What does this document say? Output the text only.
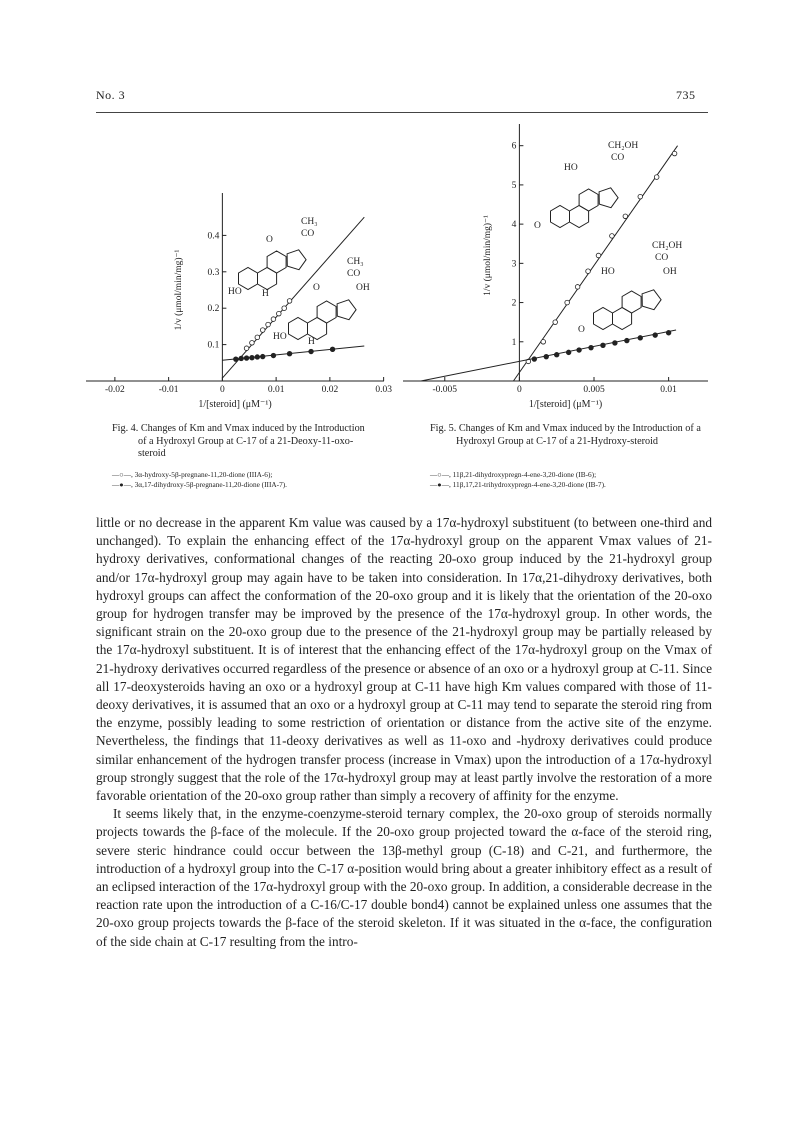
No. 3	735
-0.02	-0.01	0	0.01	0.02	0.03
0.1
0.2
0.3
0.4
1/[steroid] (μM⁻¹)
1/v (μmol/min/mg)⁻¹
CH₃
CO
O
HO H
CH₃
CO
O	OH
HO H
-0.005	0	0.005	0.01
1
2
3
4
5
6
1/[steroid] (μM⁻¹)
1/v (μmol/min/mg)⁻¹
CH₂OH
CO
HO
O
CH₂OH
CO
HO	OH
O
Fig. 4. Changes of Km and Vmax induced by the Introduction of a Hydroxyl Group at C-17 of a 21-Deoxy-11-oxo-steroid
—○—, 3α-hydroxy-5β-pregnane-11,20-dione (IIIA-6);
—●—, 3α,17-dihydroxy-5β-pregnane-11,20-dione (IIIA-7).
Fig. 5. Changes of Km and Vmax induced by the Introduction of a Hydroxyl Group at C-17 of a 21-Hydroxy-steroid
—○—, 11β,21-dihydroxypregn-4-ene-3,20-dione (IB-6);
—●—, 11β,17,21-trihydroxypregn-4-ene-3,20-dione (IB-7).

little or no decrease in the apparent Km value was caused by a 17α-hydroxyl substituent (to between one-third and unchanged). To explain the enhancing effect of the 17α-hydroxyl group on the apparent Vmax values of 21-hydroxy derivatives, conformational changes of the reacting 20-oxo group induced by the 21-hydroxyl group and/or 17α-hydroxyl group may again have to be taken into consideration. In 17α,21-dihydroxy derivatives, both hydroxyl groups can affect the conformation of the 20-oxo group and it is likely that the orientation of the 20-oxo group for hydrogen transfer may be improved by the presence of the 17α-hydroxyl group. In other words, the significant strain on the 20-oxo group due to the presence of the 21-hydroxyl group may be partially released by the 17α-hydroxyl substituent. It is of interest that the enhancing effect of the 17α-hydroxyl group on the Vmax of 21-hydroxy derivatives occurred regardless of the presence or absence of an oxo or a hydroxyl group at C-11. Since all 17-deoxysteroids having an oxo or a hydroxyl group at C-11 have high Km values compared with those of 11-deoxy derivatives, it is assumed that an oxo or a hydroxyl group at C-11 may tend to separate the steroid ring from the enzyme, possibly leading to some restriction of orientation or distance from the active site of the enzyme. Nevertheless, the findings that 11-deoxy derivatives as well as 11-oxo and -hydroxy derivatives could produce similar enhancement of the hydrogen transfer process (increase in Vmax) upon the introduction of a 17α-hydroxyl group strongly suggest that the role of the 17α-hydroxyl group may at least partly involve the restoration of a more favorable orientation of the 20-oxo group rather than simply a recovery of affinity for the enzyme.

It seems likely that, in the enzyme-coenzyme-steroid ternary complex, the 20-oxo group of steroids normally projects towards the β-face of the molecule. If the 20-oxo group projected toward the α-face of the steroid ring, severe steric hindrance could occur between the 13β-methyl group (C-18) and C-21, and furthermore, the introduction of a hydroxyl group into the C-17 α-position would bring about a greater inhibitory effect as a result of an eclipsed interaction of the 17α-hydroxyl group with the 20-oxo group. In addition, a considerable decrease in the reaction rate upon the introduction of a C-16/C-17 double bond4) cannot be explained unless one assumes that the 20-oxo group projects towards the β-face of the steroid skeleton. If it was situated in the α-face, the configuration of the side chain at C-17 resulting from the intro-
